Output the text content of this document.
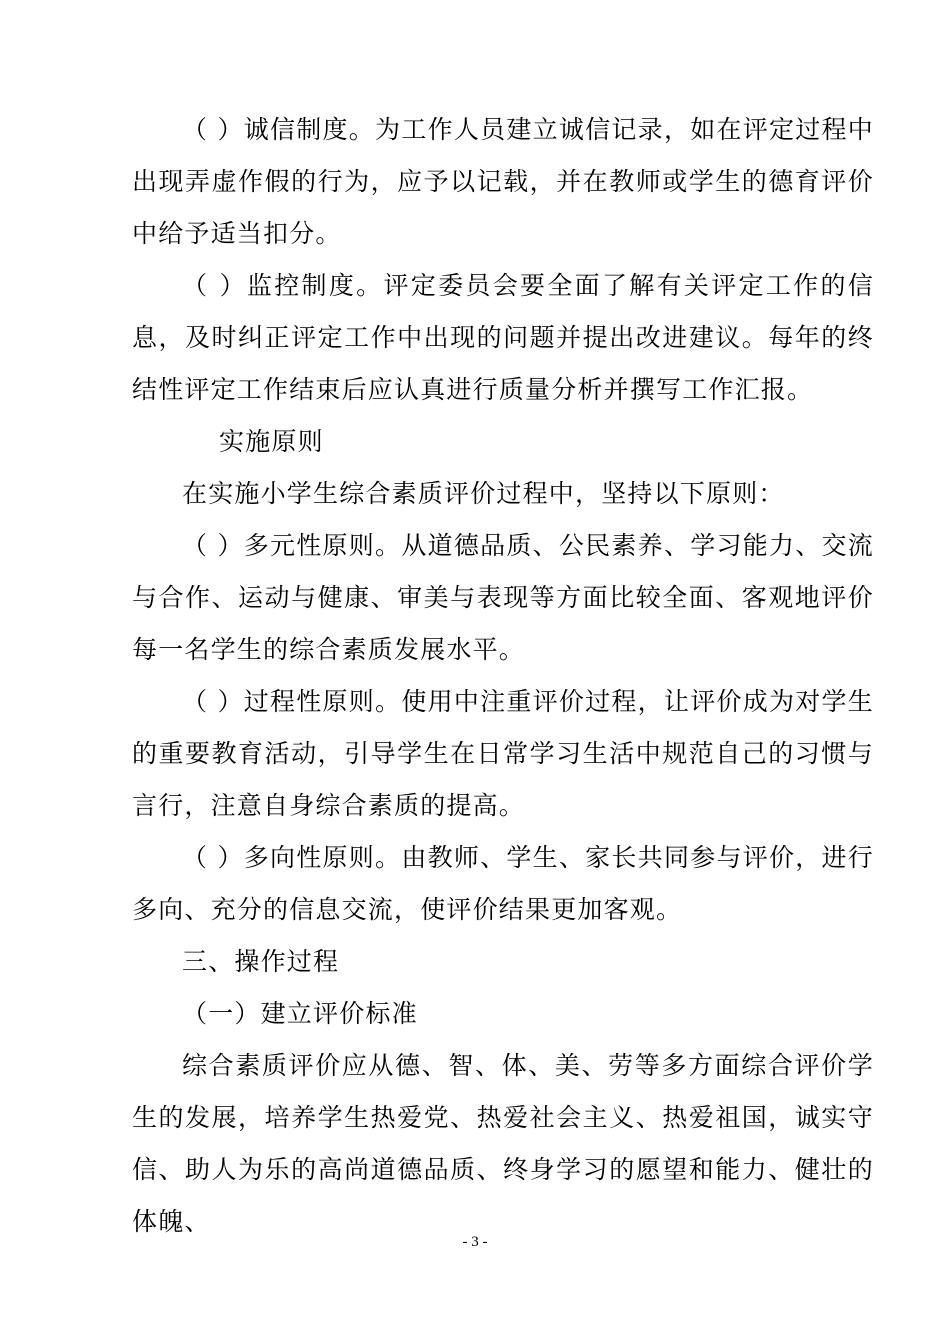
（ ）诚信制度。为工作人员建立诚信记录，如在评定过程中出现弄虚作假的行为，应予以记载，并在教师或学生的德育评价中给予适当扣分。

（ ）监控制度。评定委员会要全面了解有关评定工作的信息，及时纠正评定工作中出现的问题并提出改进建议。每年的终结性评定工作结束后应认真进行质量分析并撰写工作汇报。

实施原则

在实施小学生综合素质评价过程中，坚持以下原则：

（ ）多元性原则。从道德品质、公民素养、学习能力、交流与合作、运动与健康、审美与表现等方面比较全面、客观地评价每一名学生的综合素质发展水平。

（ ）过程性原则。使用中注重评价过程，让评价成为对学生的重要教育活动，引导学生在日常学习生活中规范自己的习惯与言行，注意自身综合素质的提高。

（ ）多向性原则。由教师、学生、家长共同参与评价，进行多向、充分的信息交流，使评价结果更加客观。

三、操作过程

（一）建立评价标准

综合素质评价应从德、智、体、美、劳等多方面综合评价学生的发展，培养学生热爱党、热爱社会主义、热爱祖国，诚实守信、助人为乐的高尚道德品质、终身学习的愿望和能力、健壮的体魄、

- 3 -
